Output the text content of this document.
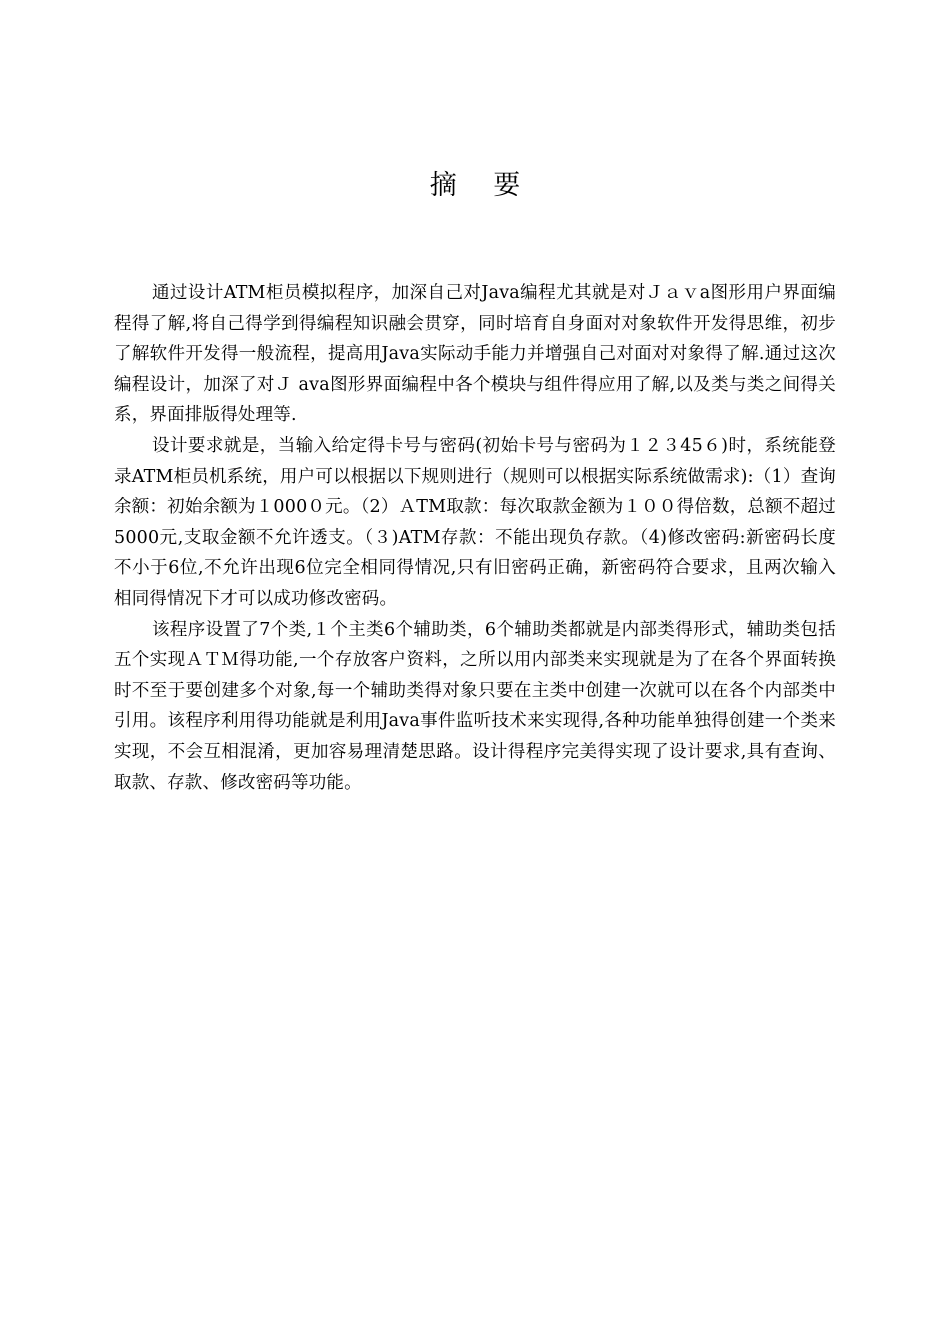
摘 要

通过设计ATM柜员模拟程序，加深自己对Java编程尤其就是对Ｊａｖa图形用户界面编程得了解,将自己得学到得编程知识融会贯穿，同时培育自身面对对象软件开发得思维，初步了解软件开发得一般流程，提高用Java实际动手能力并增强自己对面对对象得了解.通过这次编程设计，加深了对Ｊ ava图形界面编程中各个模块与组件得应用了解,以及类与类之间得关系，界面排版得处理等.

设计要求就是，当输入给定得卡号与密码(初始卡号与密码为１２３45６)时，系统能登录ATM柜员机系统，用户可以根据以下规则进行（规则可以根据实际系统做需求):（1）查询余额：初始余额为１000０元。（2）ＡTM取款：每次取款金额为１００得倍数，总额不超过5000元,支取金额不允许透支。（３)ATM存款：不能出现负存款。（4)修改密码:新密码长度不小于6位,不允许出现6位完全相同得情况,只有旧密码正确，新密码符合要求，且两次输入相同得情况下才可以成功修改密码。

该程序设置了7个类,１个主类6个辅助类，6个辅助类都就是内部类得形式，辅助类包括五个实现ＡＴＭ得功能,一个存放客户资料，之所以用内部类来实现就是为了在各个界面转换时不至于要创建多个对象,每一个辅助类得对象只要在主类中创建一次就可以在各个内部类中引用。该程序利用得功能就是利用Java事件监听技术来实现得,各种功能单独得创建一个类来实现，不会互相混淆，更加容易理清楚思路。设计得程序完美得实现了设计要求,具有查询、取款、存款、修改密码等功能。
